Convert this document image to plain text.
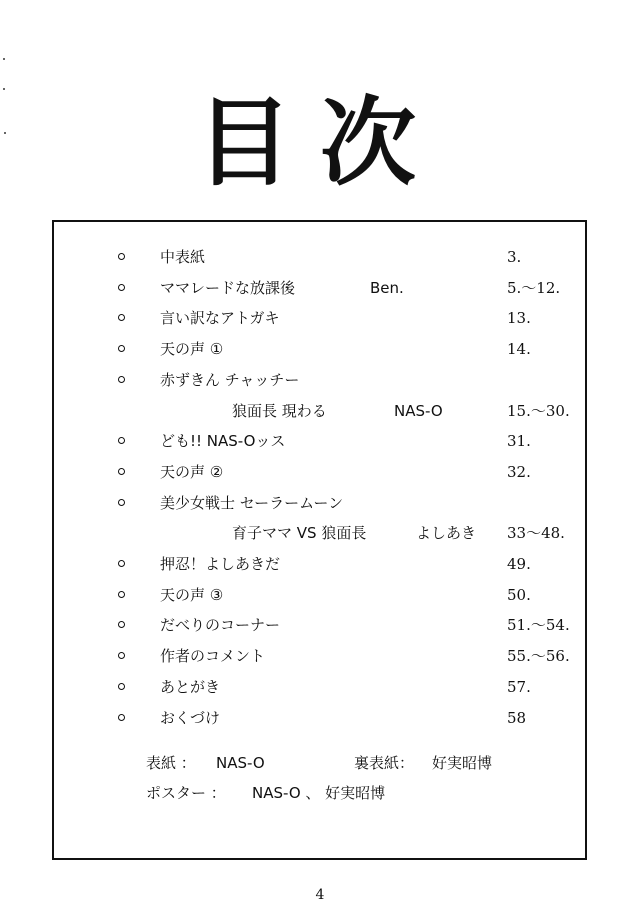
目次
中表紙	3.
ママレードな放課後	Ben.	5.〜12.
言い訳なアトガキ	13.
天の声 ①	14.
赤ずきん チャッチー
狼面長 現わる	NAS-O	15.〜30.
ども!! NAS-Oッス	31.
天の声 ②	32.
美少女戦士 セーラームーン
育子ママ VS 狼面長	よしあき 33〜48.
押忍！よしあきだ	49.
天の声 ③	50.
だべりのコーナー	51.〜54.
作者のコメント	55.〜56.
あとがき	57.
おくづけ	58
表紙 ： NAS-O	裏表紙： 好実昭博
ポスター ： NAS-O 、 好実昭博
4
